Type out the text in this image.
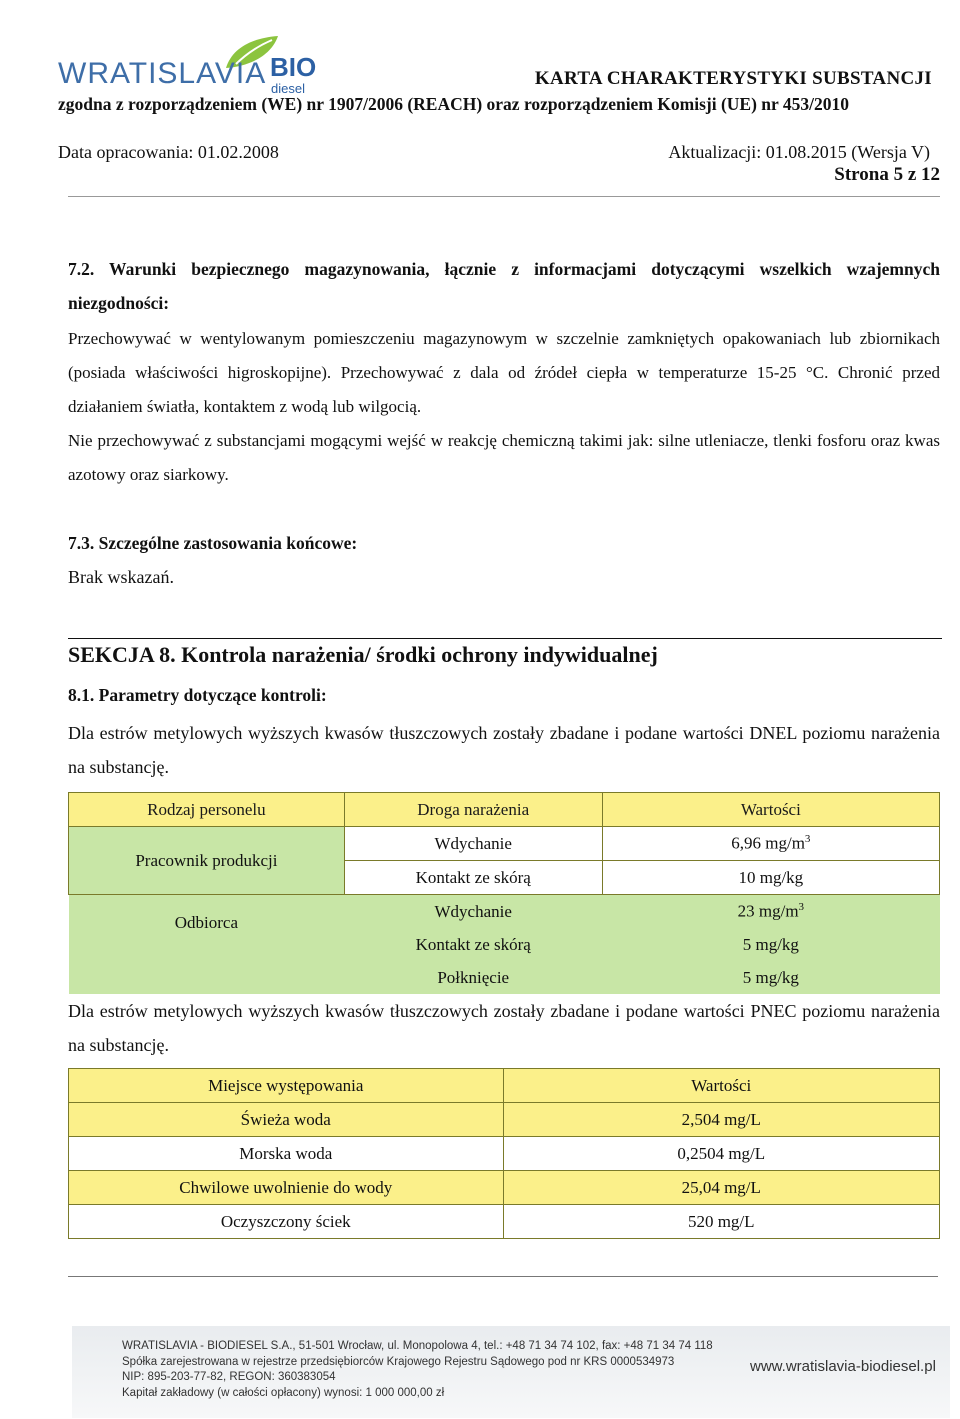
WRATISLAVIA BIO
diesel	KARTA CHARAKTERYSTYKI SUBSTANCJI
zgodna z rozporządzeniem (WE) nr 1907/2006 (REACH) oraz rozporządzeniem Komisji (UE) nr 453/2010
Data opracowania: 01.02.2008	Aktualizacji: 01.08.2015 (Wersja V)
Strona 5 z 12
7.2. Warunki bezpiecznego magazynowania, łącznie z informacjami dotyczącymi wszelkich wzajemnych niezgodności:
Przechowywać w wentylowanym pomieszczeniu magazynowym w szczelnie zamkniętych opakowaniach lub zbiornikach (posiada właściwości higroskopijne). Przechowywać z dala od źródeł ciepła w temperaturze 15-25 °C. Chronić przed działaniem światła, kontaktem z wodą lub wilgocią.
Nie przechowywać z substancjami mogącymi wejść w reakcję chemiczną takimi jak: silne utleniacze, tlenki fosforu oraz kwas azotowy oraz siarkowy.
7.3. Szczególne zastosowania końcowe:
Brak wskazań.
SEKCJA 8. Kontrola narażenia/ środki ochrony indywidualnej
8.1. Parametry dotyczące kontroli:
Dla estrów metylowych wyższych kwasów tłuszczowych zostały zbadane i podane wartości DNEL poziomu narażenia na substancję.
Rodzaj personelu	Droga narażenia	Wartości
Pracownik produkcji	Wdychanie	6,96 $mg/m^3$
	Kontakt ze skórą	10 mg/kg
Odbiorca	Wdychanie	23 $mg/m^3$
	Kontakt ze skórą	5 mg/kg
	Połknięcie	5 mg/kg
Dla estrów metylowych wyższych kwasów tłuszczowych zostały zbadane i podane wartości PNEC poziomu narażenia na substancję.
Miejsce występowania	Wartości
Świeża woda	2,504 mg/L
Morska woda	0,2504 mg/L
Chwilowe uwolnienie do wody	25,04 mg/L
Oczyszczony ściek	520 mg/L
WRATISLAVIA - BIODIESEL S.A., 51-501 Wrocław, ul. Monopolowa 4, tel.: +48 71 34 74 102, fax: +48 71 34 74 118
Spółka zarejestrowana w rejestrze przedsiębiorców Krajowego Rejestru Sądowego pod nr KRS 0000534973
NIP: 895-203-77-82, REGON: 360383054
Kapitał zakładowy (w całości opłacony) wynosi: 1 000 000,00 zł
www.wratislavia-biodiesel.pl
